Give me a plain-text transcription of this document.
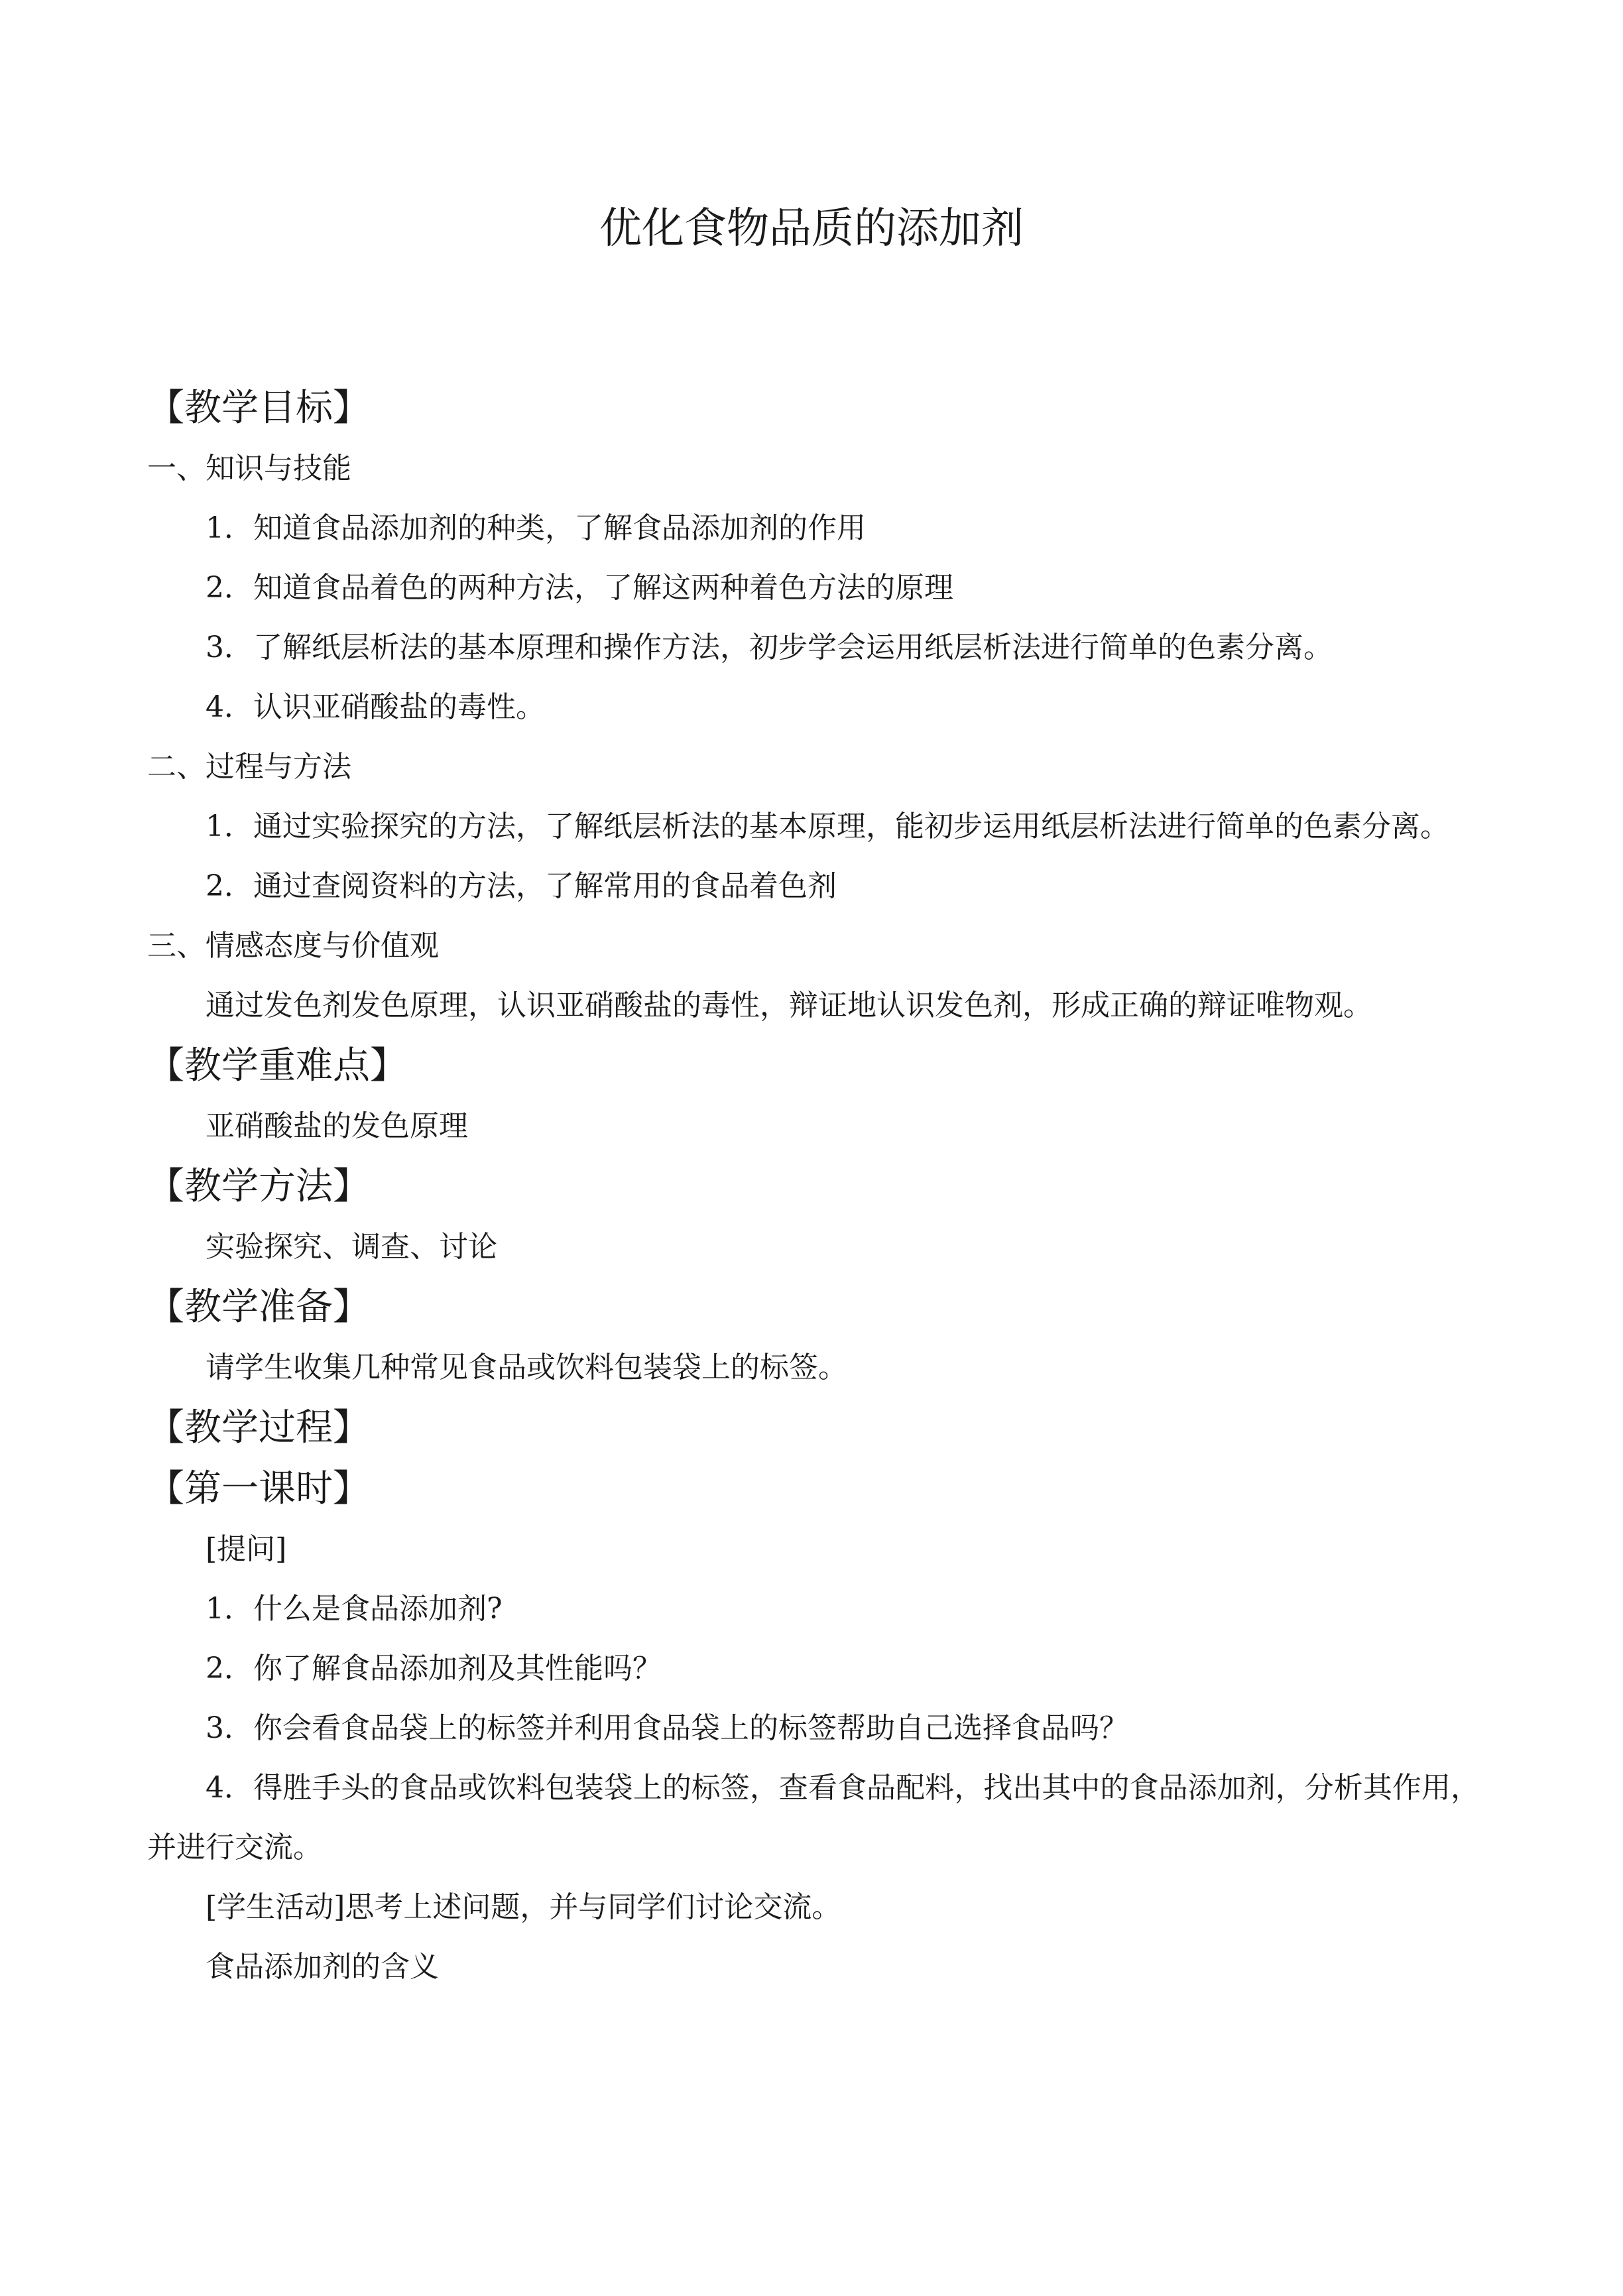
优化食物品质的添加剂
【教学目标】
一、知识与技能
1．知道食品添加剂的种类，了解食品添加剂的作用
2．知道食品着色的两种方法，了解这两种着色方法的原理
3．了解纸层析法的基本原理和操作方法，初步学会运用纸层析法进行简单的色素分离。
4．认识亚硝酸盐的毒性。
二、过程与方法
1．通过实验探究的方法，了解纸层析法的基本原理，能初步运用纸层析法进行简单的色素分离。
2．通过查阅资料的方法，了解常用的食品着色剂
三、情感态度与价值观
通过发色剂发色原理，认识亚硝酸盐的毒性，辩证地认识发色剂，形成正确的辩证唯物观。
【教学重难点】
亚硝酸盐的发色原理
【教学方法】
实验探究、调查、讨论
【教学准备】
请学生收集几种常见食品或饮料包装袋上的标签。
【教学过程】
【第一课时】
[提问]
1．什么是食品添加剂?
2．你了解食品添加剂及其性能吗？
3．你会看食品袋上的标签并利用食品袋上的标签帮助自己选择食品吗？
4．得胜手头的食品或饮料包装袋上的标签，查看食品配料，找出其中的食品添加剂，分析其作用，并进行交流。
[学生活动]思考上述问题，并与同学们讨论交流。
食品添加剂的含义
